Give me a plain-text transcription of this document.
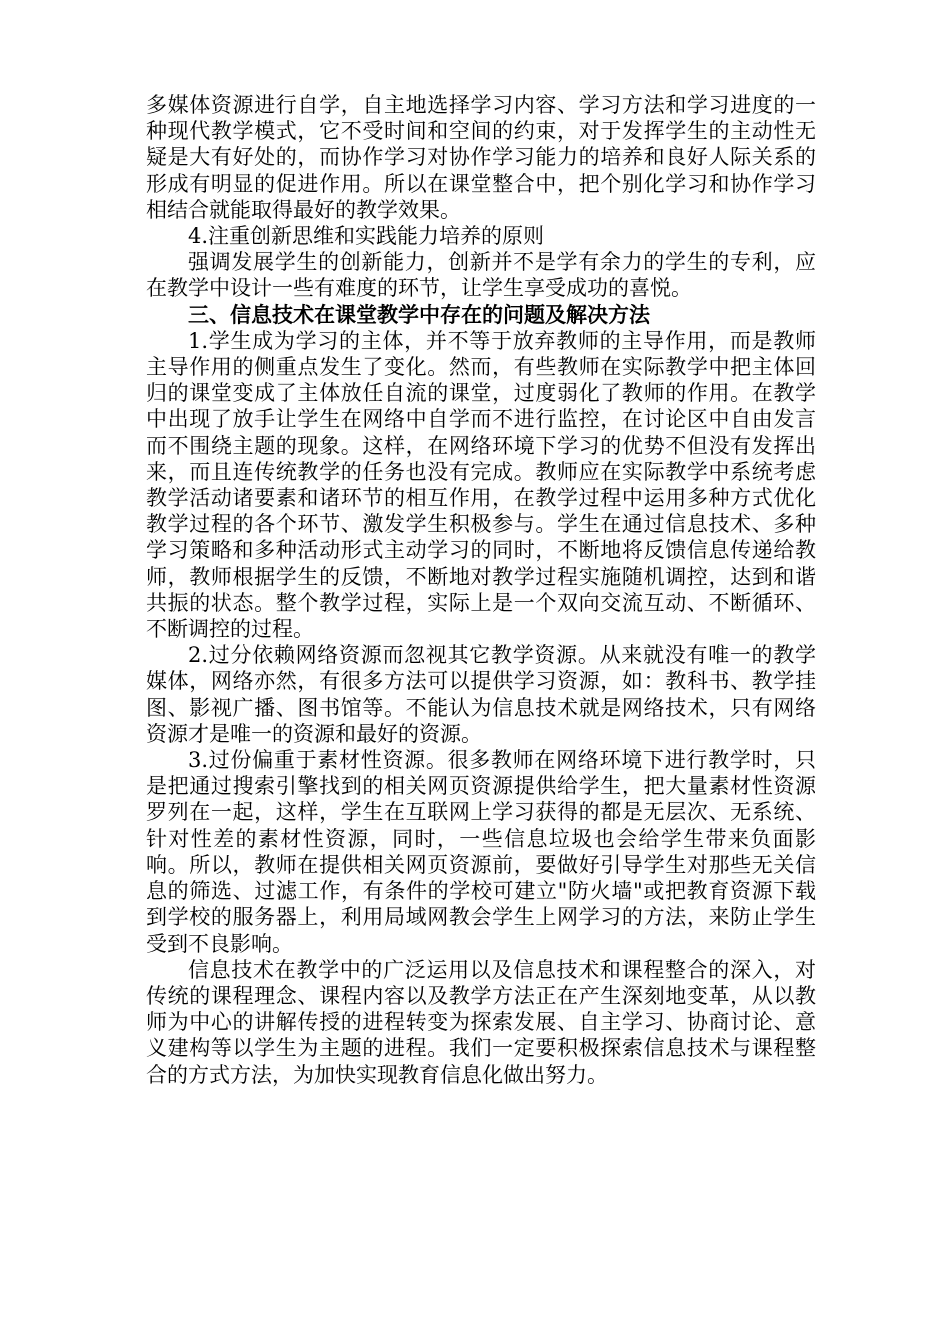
多媒体资源进行自学，自主地选择学习内容、学习方法和学习进度的一种现代教学模式，它不受时间和空间的约束，对于发挥学生的主动性无疑是大有好处的，而协作学习对协作学习能力的培养和良好人际关系的形成有明显的促进作用。所以在课堂整合中，把个别化学习和协作学习相结合就能取得最好的教学效果。

4.注重创新思维和实践能力培养的原则

强调发展学生的创新能力，创新并不是学有余力的学生的专利，应在教学中设计一些有难度的环节，让学生享受成功的喜悦。

三、信息技术在课堂教学中存在的问题及解决方法

1.学生成为学习的主体，并不等于放弃教师的主导作用，而是教师主导作用的侧重点发生了变化。然而，有些教师在实际教学中把主体回归的课堂变成了主体放任自流的课堂，过度弱化了教师的作用。在教学中出现了放手让学生在网络中自学而不进行监控，在讨论区中自由发言而不围绕主题的现象。这样，在网络环境下学习的优势不但没有发挥出来，而且连传统教学的任务也没有完成。教师应在实际教学中系统考虑教学活动诸要素和诸环节的相互作用，在教学过程中运用多种方式优化教学过程的各个环节、激发学生积极参与。学生在通过信息技术、多种学习策略和多种活动形式主动学习的同时，不断地将反馈信息传递给教师，教师根据学生的反馈，不断地对教学过程实施随机调控，达到和谐共振的状态。整个教学过程，实际上是一个双向交流互动、不断循环、不断调控的过程。

2.过分依赖网络资源而忽视其它教学资源。从来就没有唯一的教学媒体，网络亦然，有很多方法可以提供学习资源，如：教科书、教学挂图、影视广播、图书馆等。不能认为信息技术就是网络技术，只有网络资源才是唯一的资源和最好的资源。

3.过份偏重于素材性资源。很多教师在网络环境下进行教学时，只是把通过搜索引擎找到的相关网页资源提供给学生，把大量素材性资源罗列在一起，这样，学生在互联网上学习获得的都是无层次、无系统、针对性差的素材性资源，同时，一些信息垃圾也会给学生带来负面影响。所以，教师在提供相关网页资源前，要做好引导学生对那些无关信息的筛选、过滤工作，有条件的学校可建立"防火墙"或把教育资源下载到学校的服务器上，利用局域网教会学生上网学习的方法，来防止学生受到不良影响。

信息技术在教学中的广泛运用以及信息技术和课程整合的深入，对传统的课程理念、课程内容以及教学方法正在产生深刻地变革，从以教师为中心的讲解传授的进程转变为探索发展、自主学习、协商讨论、意义建构等以学生为主题的进程。我们一定要积极探索信息技术与课程整合的方式方法，为加快实现教育信息化做出努力。
